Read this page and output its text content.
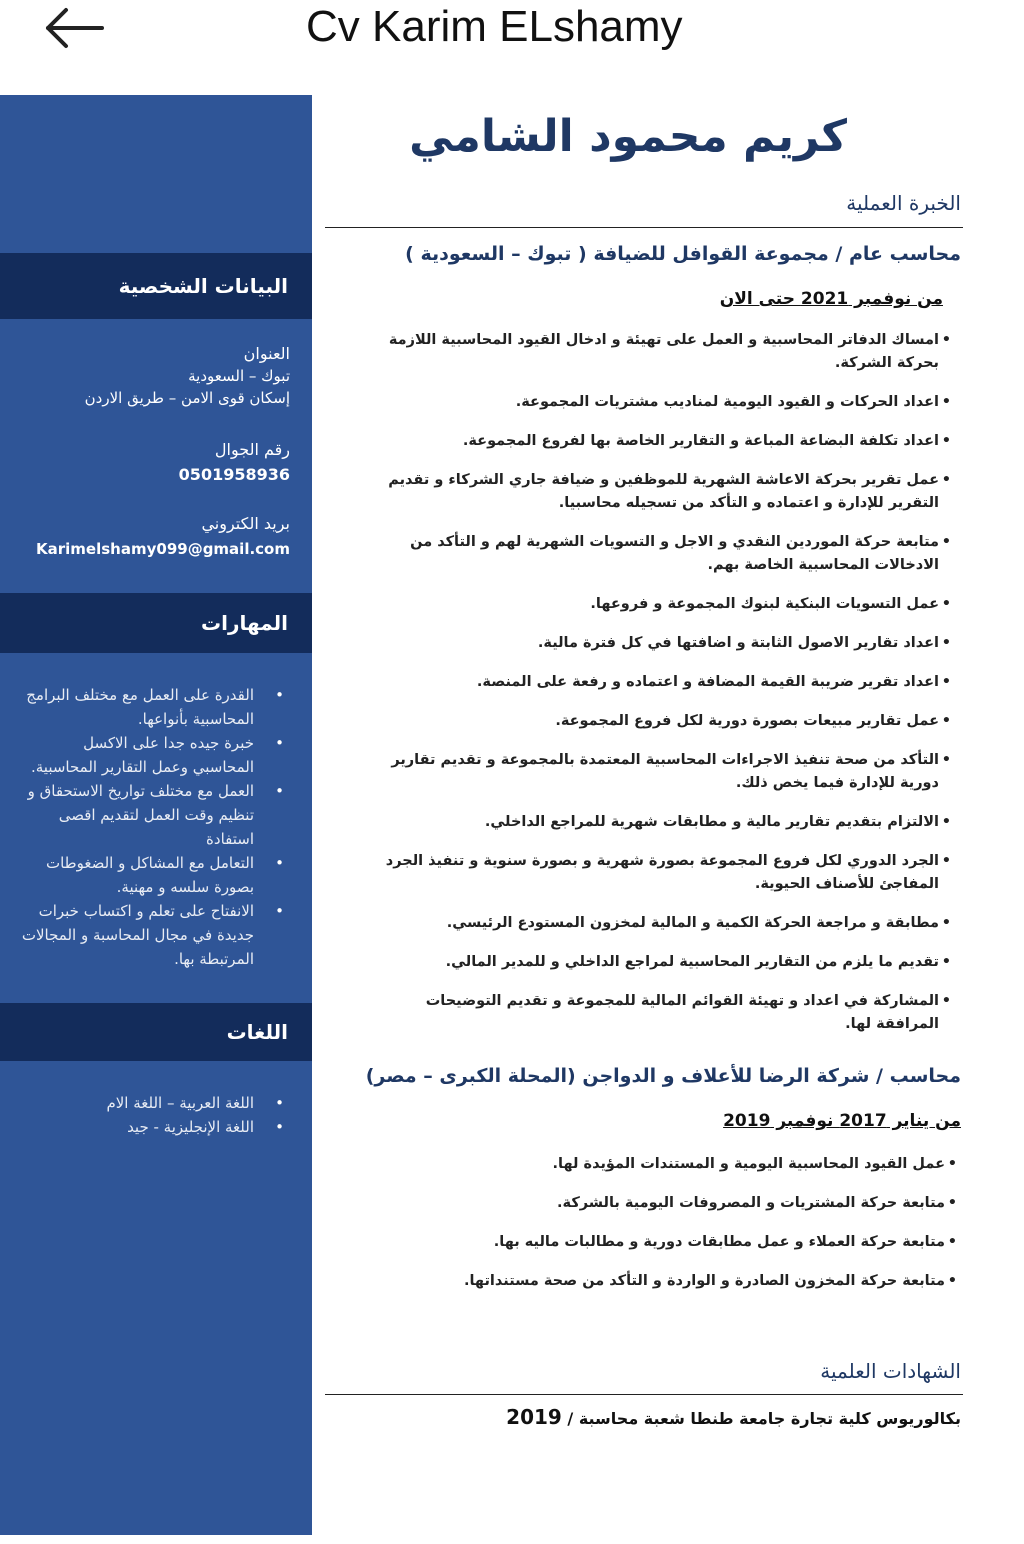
Cv Karim ELshamy
البيانات الشخصية
العنوان
تبوك – السعودية
إسكان قوى الامن – طريق الاردن
رقم الجوال
0501958936
بريد الكتروني
Karimelshamy099@gmail.com
المهارات
• القدرة على العمل مع مختلف البرامج المحاسبية بأنواعها.
• خبرة جيده جدا على الاكسل المحاسبي وعمل التقارير المحاسبية.
• العمل مع مختلف تواريخ الاستحقاق و تنظيم وقت العمل لتقديم اقصى استفادة
• التعامل مع المشاكل و الضغوطات بصورة سلسه و مهنية.
• الانفتاح على تعلم و اكتساب خبرات جديدة في مجال المحاسبة و المجالات المرتبطة بها.
اللغات
• اللغة العربية – اللغة الام
• اللغة الإنجليزية - جيد
كريم محمود الشامي
الخبرة العملية
محاسب عام / مجموعة القوافل للضيافة ( تبوك – السعودية )
من نوفمبر 2021 حتى الان
• امساك الدفاتر المحاسبية و العمل على تهيئة و ادخال القيود المحاسبية اللازمة بحركة الشركة.
• اعداد الحركات و القيود اليومية لمناديب مشتريات المجموعة.
• اعداد تكلفة البضاعة المباعة و التقارير الخاصة بها لفروع المجموعة.
• عمل تقرير بحركة الاعاشة الشهرية للموظفين و ضيافة جاري الشركاء و تقديم التقرير للإدارة و اعتماده و التأكد من تسجيله محاسبيا.
• متابعة حركة الموردين النقدي و الاجل و التسويات الشهرية لهم و التأكد من الادخالات المحاسبية الخاصة بهم.
• عمل التسويات البنكية لبنوك المجموعة و فروعها.
• اعداد تقارير الاصول الثابتة و اضافتها في كل فترة مالية.
• اعداد تقرير ضريبة القيمة المضافة و اعتماده و رفعة على المنصة.
• عمل تقارير مبيعات بصورة دورية لكل فروع المجموعة.
• التأكد من صحة تنفيذ الاجراءات المحاسبية المعتمدة بالمجموعة و تقديم تقارير دورية للإدارة فيما يخص ذلك.
• الالتزام بتقديم تقارير مالية و مطابقات شهرية للمراجع الداخلي.
• الجرد الدوري لكل فروع المجموعة بصورة شهرية و بصورة سنوية و تنفيذ الجرد المفاجئ للأصناف الحيوية.
• مطابقة و مراجعة الحركة الكمية و المالية لمخزون المستودع الرئيسي.
• تقديم ما يلزم من التقارير المحاسبية لمراجع الداخلي و للمدير المالي.
• المشاركة في اعداد و تهيئة القوائم المالية للمجموعة و تقديم التوضيحات المرافقة لها.
محاسب / شركة الرضا للأعلاف و الدواجن (المحلة الكبرى – مصر)
من يناير 2017 نوفمبر 2019
• عمل القيود المحاسبية اليومية و المستندات المؤيدة لها.
• متابعة حركة المشتريات و المصروفات اليومية بالشركة.
• متابعة حركة العملاء و عمل مطابقات دورية و مطالبات ماليه بها.
• متابعة حركة المخزون الصادرة و الواردة و التأكد من صحة مستنداتها.
الشهادات العلمية
بكالوريوس كلية تجارة جامعة طنطا شعبة محاسبة / 2019
